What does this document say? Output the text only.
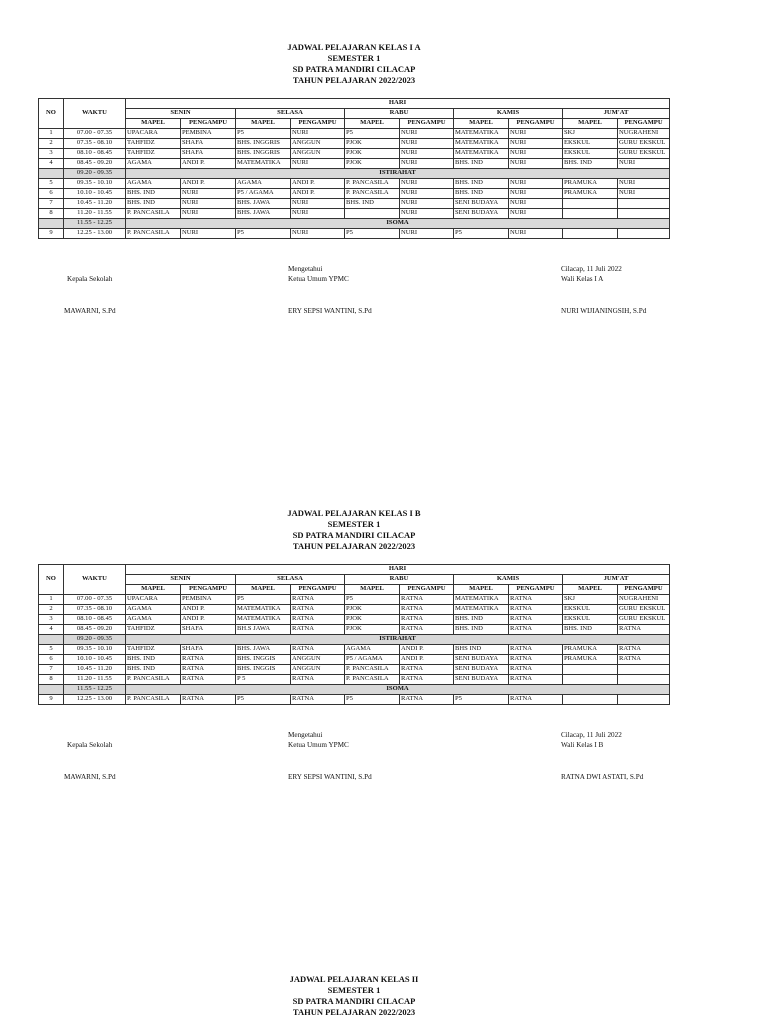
JADWAL PELAJARAN KELAS I A
SEMESTER 1
SD PATRA MANDIRI CILACAP
TAHUN PELAJARAN 2022/2023
NO	WAKTU	HARI									
		SENIN		SELASA		RABU		KAMIS		JUM'AT	
		MAPEL	PENGAMPU	MAPEL	PENGAMPU	MAPEL	PENGAMPU	MAPEL	PENGAMPU	MAPEL	PENGAMPU
1	07.00 - 07.35	UPACARA	PEMBINA	P5	NURI	P5	NURI	MATEMATIKA	NURI	SKJ	NUGRAHENI
2	07.35 - 08.10	TAHFIDZ	SHAFA	BHS. INGGRIS	ANGGUN	PJOK	NURI	MATEMATIKA	NURI	EKSKUL	GURU EKSKUL
3	08.10 - 08.45	TAHFIDZ	SHAFA	BHS. INGGRIS	ANGGUN	PJOK	NURI	MATEMATIKA	NURI	EKSKUL	GURU EKSKUL
4	08.45 - 09.20	AGAMA	ANDI P.	MATEMATIKA	NURI	PJOK	NURI	BHS. IND	NURI	BHS. IND	NURI
	09.20 - 09.35	ISTIRAHAT									
5	09.35 - 10.10	AGAMA	ANDI P.	AGAMA	ANDI P.	P. PANCASILA	NURI	BHS. IND	NURI	PRAMUKA	NURI
6	10.10 - 10.45	BHS. IND	NURI	P5 / AGAMA	ANDI P.	P. PANCASILA	NURI	BHS. IND	NURI	PRAMUKA	NURI
7	10.45 - 11.20	BHS. IND	NURI	BHS. JAWA	NURI	BHS. IND	NURI	SENI BUDAYA	NURI		
8	11.20 - 11.55	P. PANCASILA	NURI	BHS. JAWA	NURI		NURI	SENI BUDAYA	NURI		
	11.55 - 12.25	ISOMA									
9	12.25 - 13.00	P. PANCASILA	NURI	P5	NURI	P5	NURI	P5	NURI		
Mengetahui	Cilacap, 11 Juli 2022
Kepala Sekolah	Ketua Umum YPMC	Wali Kelas I A
MAWARNI, S.Pd	ERY SEPSI WANTINI, S.Pd	NURI WIJIANINGSIH, S.Pd
JADWAL PELAJARAN KELAS I B
SEMESTER 1
SD PATRA MANDIRI CILACAP
TAHUN PELAJARAN 2022/2023
NO	WAKTU	HARI									
		SENIN		SELASA		RABU		KAMIS		JUM'AT	
		MAPEL	PENGAMPU	MAPEL	PENGAMPU	MAPEL	PENGAMPU	MAPEL	PENGAMPU	MAPEL	PENGAMPU
1	07.00 - 07.35	UPACARA	PEMBINA	P5	RATNA	P5	RATNA	MATEMATIKA	RATNA	SKJ	NUGRAHENI
2	07.35 - 08.10	AGAMA	ANDI P.	MATEMATIKA	RATNA	PJOK	RATNA	MATEMATIKA	RATNA	EKSKUL	GURU EKSKUL
3	08.10 - 08.45	AGAMA	ANDI P.	MATEMATIKA	RATNA	PJOK	RATNA	BHS. IND	RATNA	EKSKUL	GURU EKSKUL
4	08.45 - 09.20	TAHFIDZ	SHAFA	BH.S JAWA	RATNA	PJOK	RATNA	BHS. IND	RATNA	BHS. IND	RATNA
	09.20 - 09.35	ISTIRAHAT									
5	09.35 - 10.10	TAHFIDZ	SHAFA	BHS. JAWA	RATNA	AGAMA	ANDI P.	BHS IND	RATNA	PRAMUKA	RATNA
6	10.10 - 10.45	BHS. IND	RATNA	BHS. INGGIS	ANGGUN	P5 / AGAMA	ANDI P.	SENI BUDAYA	RATNA	PRAMUKA	RATNA
7	10.45 - 11.20	BHS. IND	RATNA	BHS. INGGIS	ANGGUN	P. PANCASILA	RATNA	SENI BUDAYA	RATNA		
8	11.20 - 11.55	P. PANCASILA	RATNA	P 5	RATNA	P. PANCASILA	RATNA	SENI BUDAYA	RATNA		
	11.55 - 12.25	ISOMA									
9	12.25 - 13.00	P. PANCASILA	RATNA	P5	RATNA	P5	RATNA	P5	RATNA		
Mengetahui	Cilacap, 11 Juli 2022
Kepala Sekolah	Ketua Umum YPMC	Wali Kelas I B
MAWARNI, S.Pd	ERY SEPSI WANTINI, S.Pd	RATNA DWI ASTATI, S.Pd
JADWAL PELAJARAN KELAS II
SEMESTER 1
SD PATRA MANDIRI CILACAP
TAHUN PELAJARAN 2022/2023
